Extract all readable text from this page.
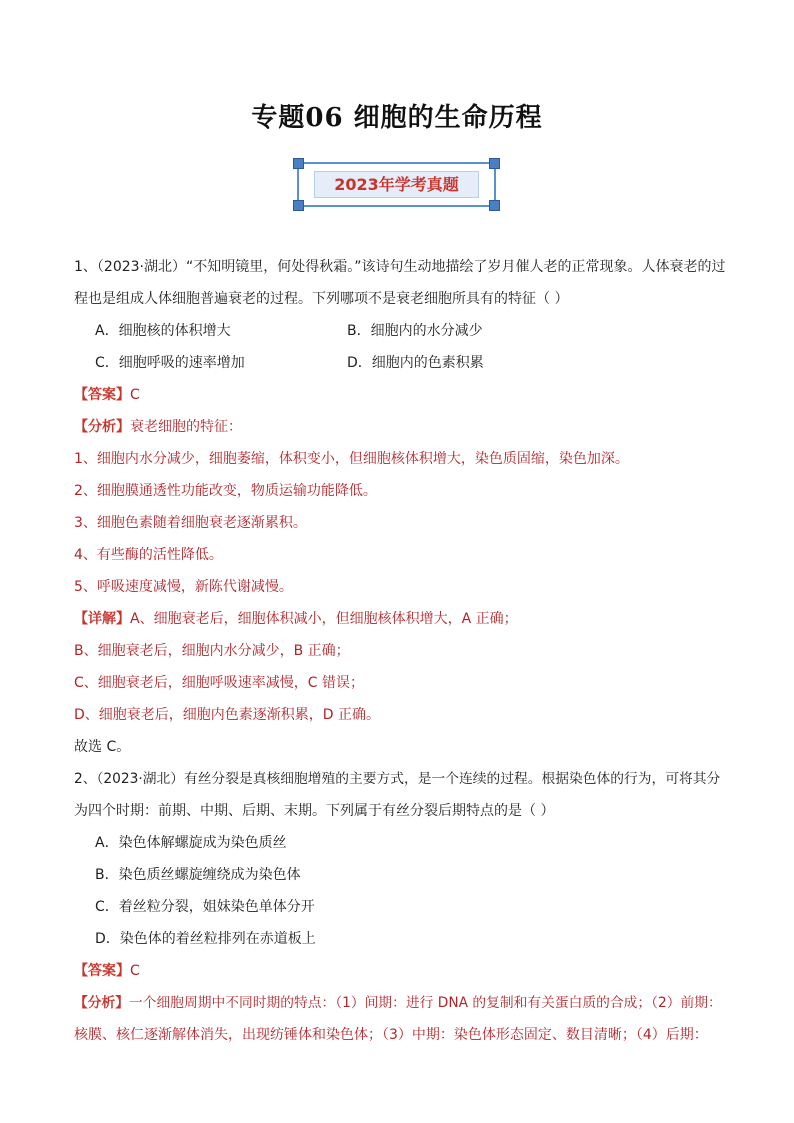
专题06 细胞的生命历程
2023年学考真题
1、（2023·湖北）“不知明镜里，何处得秋霜。”该诗句生动地描绘了岁月催人老的正常现象。人体衰老的过
程也是组成人体细胞普遍衰老的过程。下列哪项不是衰老细胞所具有的特征（ ）
A．细胞核的体积增大	B．细胞内的水分减少
C．细胞呼吸的速率增加	D．细胞内的色素积累
【答案】C
【分析】衰老细胞的特征：
1、细胞内水分减少，细胞萎缩，体积变小，但细胞核体积增大，染色质固缩，染色加深。
2、细胞膜通透性功能改变，物质运输功能降低。
3、细胞色素随着细胞衰老逐渐累积。
4、有些酶的活性降低。
5、呼吸速度减慢，新陈代谢减慢。
【详解】A、细胞衰老后，细胞体积减小，但细胞核体积增大，A 正确；
B、细胞衰老后，细胞内水分减少，B 正确；
C、细胞衰老后，细胞呼吸速率减慢，C 错误；
D、细胞衰老后，细胞内色素逐渐积累，D 正确。
故选 C。
2、（2023·湖北）有丝分裂是真核细胞增殖的主要方式，是一个连续的过程。根据染色体的行为，可将其分
为四个时期：前期、中期、后期、末期。下列属于有丝分裂后期特点的是（ ）
A．染色体解螺旋成为染色质丝
B．染色质丝螺旋缠绕成为染色体
C．着丝粒分裂，姐妹染色单体分开
D．染色体的着丝粒排列在赤道板上
【答案】C
【分析】一个细胞周期中不同时期的特点：（1）间期：进行 DNA 的复制和有关蛋白质的合成；（2）前期：
核膜、核仁逐渐解体消失，出现纺锤体和染色体；（3）中期：染色体形态固定、数目清晰；（4）后期：
